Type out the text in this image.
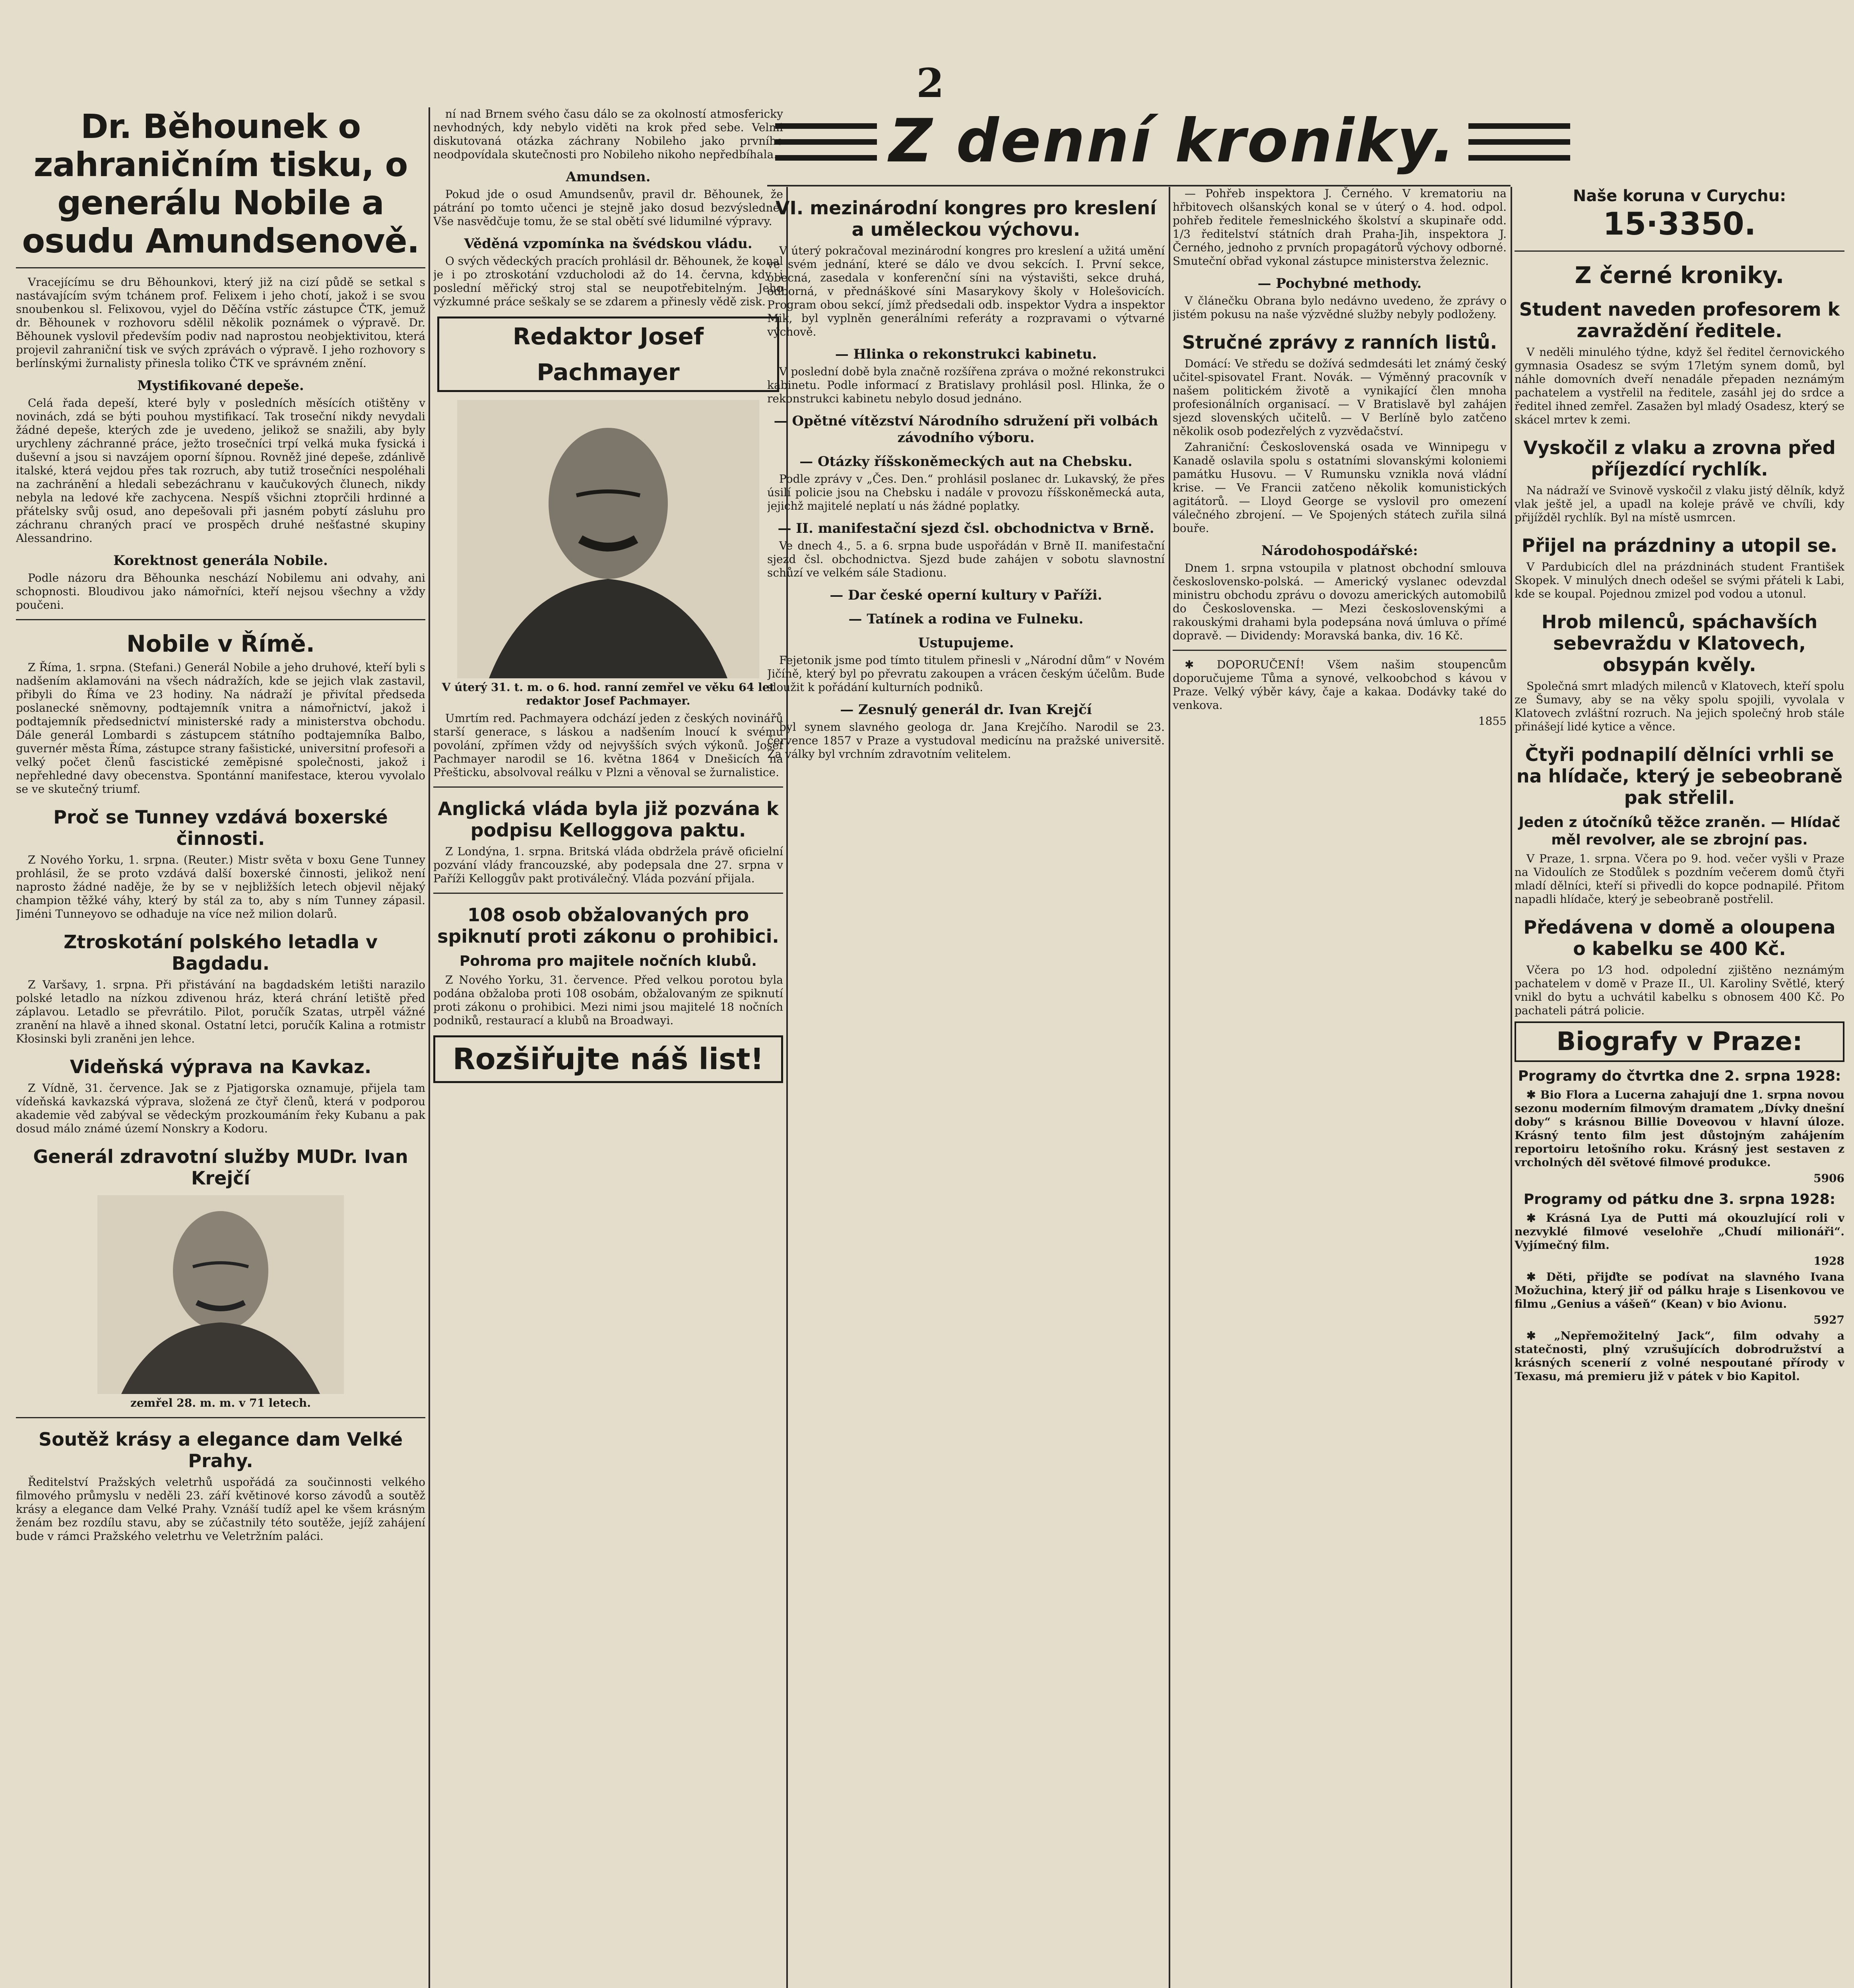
2
Z denní kroniky.
Dr. Běhounek o zahraničním tisku, o generálu Nobile a osudu Amundsenově.

Vracejícímu se dru Běhounkovi, který již na cizí půdě se setkal s nastávajícím svým tchánem prof. Felixem i jeho chotí, jakož i se svou snoubenkou sl. Felixovou, vyjel do Děčína vstříc zástupce ČTK, jemuž dr. Běhounek v rozhovoru sdělil několik poznámek o výpravě. Dr. Běhounek vyslovil především podiv nad naprostou neobjektivitou, která projevil zahraniční tisk ve svých zprávách o výpravě. I jeho rozhovory s berlínskými žurnalisty přinesla toliko ČTK ve správném znění.

Mystifikované depeše.

Celá řada depeší, které byly v posledních měsících otištěny v novinách, zdá se býti pouhou mystifikací. Tak troseční nikdy nevydali žádné depeše, kterých zde je uvedeno, jelikož se snažili, aby byly urychleny záchranné práce, ježto trosečníci trpí velká muka fysická i duševní a jsou si navzájem oporní šípnou. Rovněž jiné depeše, zdánlivě italské, která vejdou přes tak rozruch, aby tutiž trosečníci nespoléhali na zachránění a hledali sebezáchranu v kaučukových člunech, nikdy nebyla na ledové kře zachycena. Nespíš všichni ztoprčili hrdinné a přátelsky svůj osud, ano depešovali při jasném pobytí zásluhu pro záchranu chraných prací ve prospěch druhé nešťastné skupiny Alessandrino.

Korektnost generála Nobile.

Podle názoru dra Běhounka neschází Nobilemu ani odvahy, ani schopnosti. Bloudivou jako námořníci, kteří nejsou všechny a vždy poučeni.

Nobile v Římě.

Z Říma, 1. srpna. (Stefani.) Generál Nobile a jeho druhové, kteří byli s nadšením aklamováni na všech nádražích, kde se jejich vlak zastavil, přibyli do Říma ve 23 hodiny. Na nádraží je přivítal předseda poslanecké sněmovny, podtajemník vnitra a námořnictví, jakož i podtajemník předsednictví ministerské rady a ministerstva obchodu. Dále generál Lombardi s zástupcem státního podtajemníka Balbo, guvernér města Říma, zástupce strany fašistické, universitní profesoři a velký počet členů fascistické zeměpisné společnosti, jakož i nepřehledné davy obecenstva. Spontánní manifestace, kterou vyvolalo se ve skutečný triumf.

Proč se Tunney vzdává boxerské činnosti.

Z Nového Yorku, 1. srpna. (Reuter.) Mistr světa v boxu Gene Tunney prohlásil, že se proto vzdává další boxerské činnosti, jelikož není naprosto žádné naděje, že by se v nejbližších letech objevil nějaký champion těžké váhy, který by stál za to, aby s ním Tunney zápasil. Jiméni Tunneyovo se odhaduje na více než milion dolarů.

Ztroskotání polského letadla v Bagdadu.

Z Varšavy, 1. srpna. Při přistávání na bagdadském letišti narazilo polské letadlo na nízkou zdivenou hráz, která chrání letiště před záplavou. Letadlo se převrátilo. Pilot, poručík Szatas, utrpěl vážné zranění na hlavě a ihned skonal. Ostatní letci, poručík Kalina a rotmistr Kłosinski byli zraněni jen lehce.

Videňská výprava na Kavkaz.

Z Vídně, 31. července. Jak se z Pjatigorska oznamuje, přijela tam vídeňská kavkazská výprava, složená ze čtyř členů, která v podporou akademie věd zabýval se vědeckým prozkoumáním řeky Kubanu a pak dosud málo známé území Nonskry a Kodoru.

Generál zdravotní služby MUDr. Ivan Krejčí
zemřel 28. m. m. v 71 letech.
Soutěž krásy a elegance dam Velké Prahy.

Ředitelství Pražských veletrhů uspořádá za součinnosti velkého filmového průmyslu v neděli 23. září květinové korso závodů a soutěž krásy a elegance dam Velké Prahy. Vznáší tudíž apel ke všem krásným ženám bez rozdílu stavu, aby se zúčastnily této soutěže, jejíž zahájení bude v rámci Pražského veletrhu ve Veletržním paláci.

ní nad Brnem svého času dálo se za okolností atmosfericky nevhodných, kdy nebylo viděti na krok před sebe. Velmi diskutovaná otázka záchrany Nobileho jako prvního neodpovídala skutečnosti pro Nobileho nikoho nepředbíhala.

Amundsen.

Pokud jde o osud Amundsenův, pravil dr. Běhounek, že pátrání po tomto učenci je stejně jako dosud bezvýsledné. Vše nasvědčuje tomu, že se stal obětí své lidumilné výpravy.

Věděná vzpomínka na švédskou vládu.

O svých vědeckých pracích prohlásil dr. Běhounek, že konal je i po ztroskotání vzducholodi až do 14. června, kdy i poslední měřický stroj stal se neupotřebitelným. Jeho výzkumné práce seškaly se se zdarem a přinesly vědě zisk.

Redaktor Josef Pachmayer
V úterý 31. t. m. o 6. hod. ranní zemřel ve věku 64 let redaktor Josef Pachmayer.

Umrtím red. Pachmayera odchází jeden z českých novinářů starší generace, s láskou a nadšením lnoucí k svému povolání, zpřímen vždy od nejvyšších svých výkonů. Josef Pachmayer narodil se 16. května 1864 v Dnešicích na Přešticku, absolvoval reálku v Plzni a věnoval se žurnalistice.

Anglická vláda byla již pozvána k podpisu Kelloggova paktu.

Z Londýna, 1. srpna. Britská vláda obdržela právě oficielní pozvání vlády francouzské, aby podepsala dne 27. srpna v Paříži Kelloggův pakt protiválečný. Vláda pozvání přijala.

108 osob obžalovaných pro spiknutí proti zákonu o prohibici.
Pohroma pro majitele nočních klubů.

Z Nového Yorku, 31. července. Před velkou porotou byla podána obžaloba proti 108 osobám, obžalovaným ze spiknutí proti zákonu o prohibici. Mezi nimi jsou majitelé 18 nočních podniků, restaurací a klubů na Broadwayi.

Rozšiřujte náš list!
VI. mezinárodní kongres pro kreslení a uměleckou výchovu.

V úterý pokračoval mezinárodní kongres pro kreslení a užitá umění ve svém jednání, které se dálo ve dvou sekcích. I. První sekce, obecná, zasedala v konferenční síni na výstavišti, sekce druhá, odborná, v přednáškové síni Masarykovy školy v Holešovicích. Program obou sekcí, jímž předsedali odb. inspektor Vydra a inspektor Mik, byl vyplněn generálními referáty a rozpravami o výtvarné výchově.

— Hlinka o rekonstrukci kabinetu.

V poslední době byla značně rozšířena zpráva o možné rekonstrukci kabinetu. Podle informací z Bratislavy prohlásil posl. Hlinka, že o rekonstrukci kabinetu nebylo dosud jednáno.

— Opětné vítězství Národního sdružení při volbách závodního výboru.
— Otázky říšskoněmeckých aut na Chebsku.

Podle zprávy v „Čes. Den.“ prohlásil poslanec dr. Lukavský, že přes úsilí policie jsou na Chebsku i nadále v provozu říšskoněmecká auta, jejichž majitelé neplatí u nás žádné poplatky.

— II. manifestační sjezd čsl. obchodnictva v Brně.

Ve dnech 4., 5. a 6. srpna bude uspořádán v Brně II. manifestační sjezd čsl. obchodnictva. Sjezd bude zahájen v sobotu slavnostní schůzí ve velkém sále Stadionu.

— Dar české operní kultury v Paříži.
— Tatínek a rodina ve Fulneku.
Ustupujeme.

Fejetonik jsme pod tímto titulem přinesli v „Národní dům“ v Novém Jičíně, který byl po převratu zakoupen a vrácen českým účelům. Bude sloužit k pořádání kulturních podniků.

— Zesnulý generál dr. Ivan Krejčí

byl synem slavného geologa dr. Jana Krejčího. Narodil se 23. července 1857 v Praze a vystudoval medicínu na pražské universitě. Za války byl vrchním zdravotním velitelem.

— Pohřeb inspektora J. Černého. V krematoriu na hřbitovech olšanských konal se v úterý o 4. hod. odpol. pohřeb ředitele řemeslnického školství a skupinaře odd. 1/3 ředitelství státních drah Praha-Jih, inspektora J. Černého, jednoho z prvních propagátorů výchovy odborné. Smuteční obřad vykonal zástupce ministerstva železnic.

— Pochybné methody.

V článečku Obrana bylo nedávno uvedeno, že zprávy o jistém pokusu na naše výzvědné služby nebyly podloženy.

Stručné zprávy z ranních listů.

Domácí: Ve středu se dožívá sedmdesáti let známý český učitel-spisovatel Frant. Novák. — Výměnný pracovník v našem politickém životě a vynikající člen mnoha profesionálních organisací. — V Bratislavě byl zahájen sjezd slovenských učitelů. — V Berlíně bylo zatčeno několik osob podezřelých z vyzvědačství.

Zahraniční: Československá osada ve Winnipegu v Kanadě oslavila spolu s ostatními slovanskými koloniemi památku Husovu. — V Rumunsku vznikla nová vládní krise. — Ve Francii zatčeno několik komunistických agitátorů. — Lloyd George se vyslovil pro omezení válečného zbrojení. — Ve Spojených státech zuřila silná bouře.

Národohospodářské:

Dnem 1. srpna vstoupila v platnost obchodní smlouva československo-polská. — Americký vyslanec odevzdal ministru obchodu zprávu o dovozu amerických automobilů do Československa. — Mezi československými a rakouskými drahami byla podepsána nová úmluva o přímé dopravě. — Dividendy: Moravská banka, div. 16 Kč.

✱ DOPORUČENÍ! Všem našim stoupencům doporučujeme Tůma a synové, velkoobchod s kávou v Praze. Velký výběr kávy, čaje a kakaa. Dodávky také do venkova.

1855

Naše koruna v Curychu:
15·3350.
Z černé kroniky.
Student naveden profesorem k zavraždění ředitele.

V neděli minulého týdne, když šel ředitel černovického gymnasia Osadesz se svým 17letým synem domů, byl náhle domovních dveří nenadále přepaden neznámým pachatelem a vystřelil na ředitele, zasáhl jej do srdce a ředitel ihned zemřel. Zasažen byl mladý Osadesz, který se skácel mrtev k zemi.

Vyskočil z vlaku a zrovna před příjezdící rychlík.

Na nádraží ve Svinově vyskočil z vlaku jistý dělník, když vlak ještě jel, a upadl na koleje právě ve chvíli, kdy přijížděl rychlík. Byl na místě usmrcen.

Přijel na prázdniny a utopil se.

V Pardubicích dlel na prázdninách student František Skopek. V minulých dnech odešel se svými přáteli k Labi, kde se koupal. Pojednou zmizel pod vodou a utonul.

Hrob milenců, spáchavších sebevraždu v Klatovech, obsypán kvěly.

Společná smrt mladých milenců v Klatovech, kteří spolu ze Šumavy, aby se na věky spolu spojili, vyvolala v Klatovech zvláštní rozruch. Na jejich společný hrob stále přinášejí lidé kytice a věnce.

Čtyři podnapilí dělníci vrhli se na hlídače, který je sebeobraně pak střelil.
Jeden z útočníků těžce zraněn. — Hlídač měl revolver, ale se zbrojní pas.

V Praze, 1. srpna. Včera po 9. hod. večer vyšli v Praze na Vidoulích ze Stodůlek s pozdním večerem domů čtyři mladí dělníci, kteří si přivedli do kopce podnapilé. Přitom napadli hlídače, který je sebeobraně postřelil.

Předávena v domě a oloupena o kabelku se 400 Kč.

Včera po 1⁄3 hod. odpolední zjištěno neznámým pachatelem v domě v Praze II., Ul. Karoliny Světlé, který vnikl do bytu a uchvátil kabelku s obnosem 400 Kč. Po pachateli pátrá policie.

Biografy v Praze:
Programy do čtvrtka dne 2. srpna 1928:

✱ Bio Flora a Lucerna zahajují dne 1. srpna novou sezonu moderním filmovým dramatem „Dívky dnešní doby“ s krásnou Billie Doveovou v hlavní úloze. Krásný tento film jest důstojným zahájením reportoiru letošního roku. Krásný jest sestaven z vrcholných děl světové filmové produkce.

5906

Programy od pátku dne 3. srpna 1928:

✱ Krásná Lya de Putti má okouzlující roli v nezvyklé filmové veselohře „Chudí milionáři“. Vyjímečný film.

1928

✱ Děti, přijďte se podívat na slavného Ivana Možuchina, který jiř od pálku hraje s Lisenkovou ve filmu „Genius a vášeň“ (Kean) v bio Avionu.

5927

✱ „Nepřemožitelný Jack“, film odvahy a statečnosti, plný vzrušujících dobrodružství a krásných scenerií z volné nespoutané přírody v Texasu, má premieru již v pátek v bio Kapitol.
